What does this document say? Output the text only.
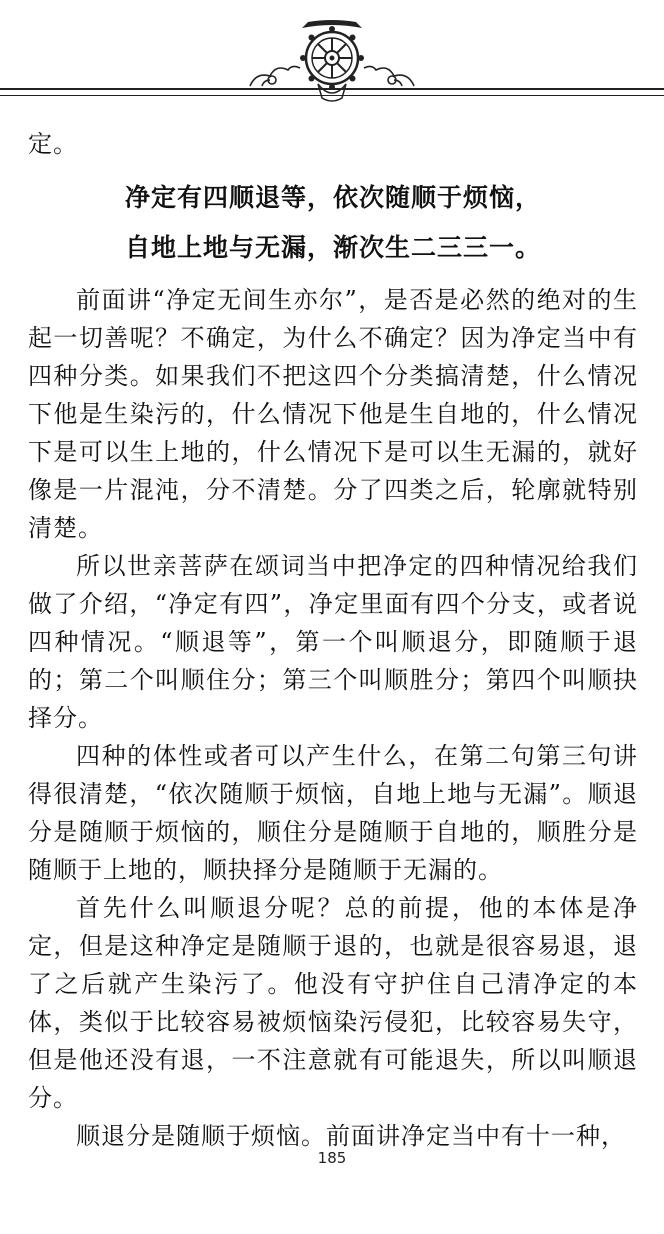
定。

净定有四顺退等，依次随顺于烦恼，

自地上地与无漏，渐次生二三三一。

前面讲“净定无间生亦尔”，是否是必然的绝对的生起一切善呢？不确定，为什么不确定？因为净定当中有四种分类。如果我们不把这四个分类搞清楚，什么情况下他是生染污的，什么情况下他是生自地的，什么情况下是可以生上地的，什么情况下是可以生无漏的，就好像是一片混沌，分不清楚。分了四类之后，轮廓就特别清楚。

所以世亲菩萨在颂词当中把净定的四种情况给我们做了介绍，“净定有四”，净定里面有四个分支，或者说四种情况。“顺退等”，第一个叫顺退分，即随顺于退的；第二个叫顺住分；第三个叫顺胜分；第四个叫顺抉择分。

四种的体性或者可以产生什么，在第二句第三句讲得很清楚，“依次随顺于烦恼，自地上地与无漏”。顺退分是随顺于烦恼的，顺住分是随顺于自地的，顺胜分是随顺于上地的，顺抉择分是随顺于无漏的。

首先什么叫顺退分呢？总的前提，他的本体是净定，但是这种净定是随顺于退的，也就是很容易退，退了之后就产生染污了。他没有守护住自己清净定的本体，类似于比较容易被烦恼染污侵犯，比较容易失守，但是他还没有退，一不注意就有可能退失，所以叫顺退分。

顺退分是随顺于烦恼。前面讲净定当中有十一种，

185
